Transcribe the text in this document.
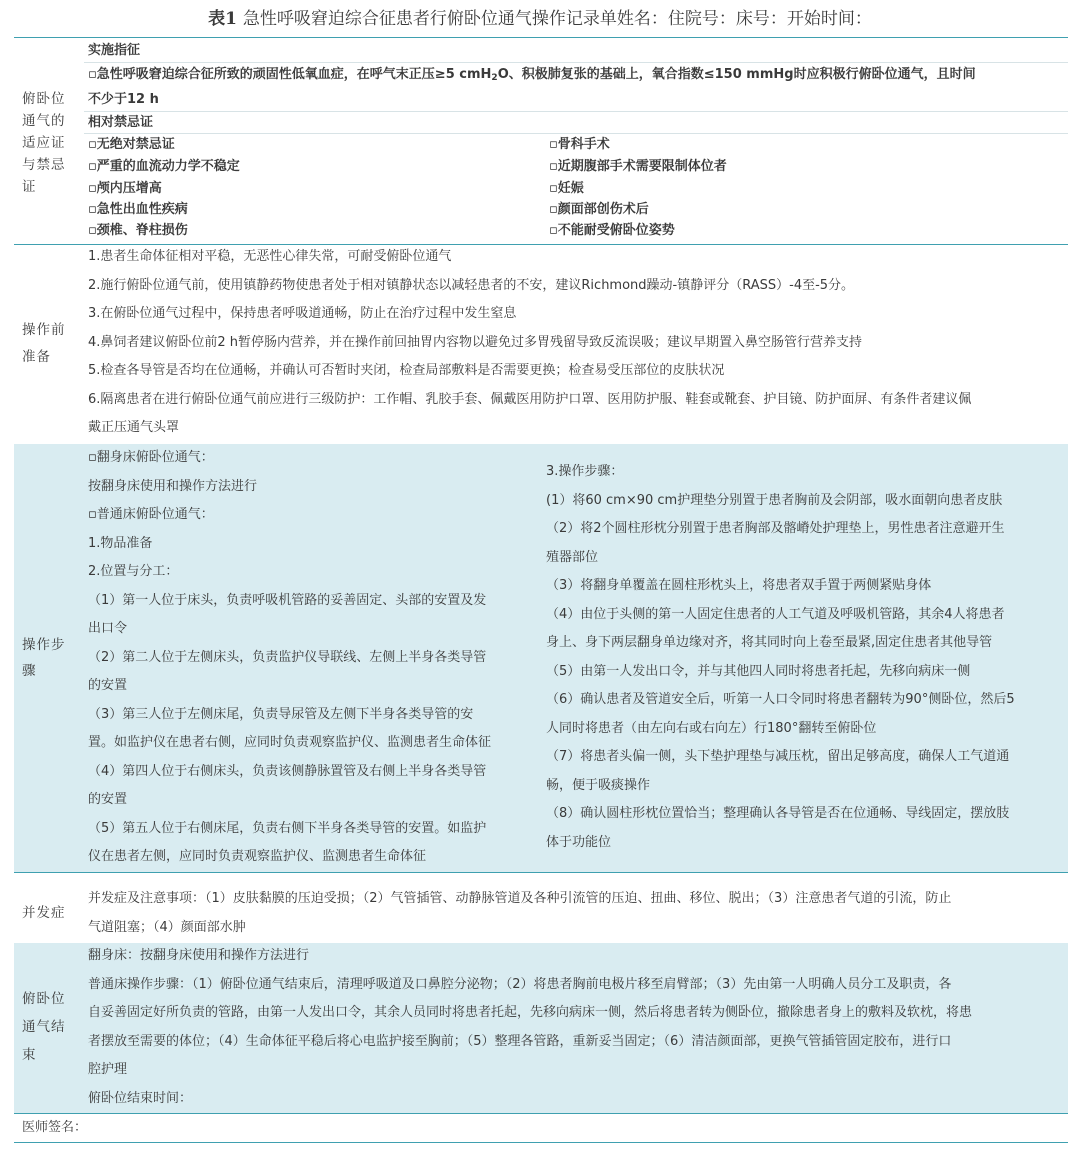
表1 急性呼吸窘迫综合征患者行俯卧位通气操作记录单姓名：住院号：床号：开始时间：
俯卧位
通气的
适应证
与禁忌
证
实施指征
▫急性呼吸窘迫综合征所致的顽固性低氧血症，在呼气末正压≥5 cmH$_2$O、积极肺复张的基础上，氧合指数≤150 mmHg时应积极行俯卧位通气，且时间
不少于12 h
相对禁忌证
▫无绝对禁忌证
▫严重的血流动力学不稳定
▫颅内压增高
▫急性出血性疾病
▫颈椎、脊柱损伤
▫骨科手术
▫近期腹部手术需要限制体位者
▫妊娠
▫颜面部创伤术后
▫不能耐受俯卧位姿势
操作前
准备
1.患者生命体征相对平稳，无恶性心律失常，可耐受俯卧位通气
2.施行俯卧位通气前，使用镇静药物使患者处于相对镇静状态以减轻患者的不安，建议Richmond躁动-镇静评分（RASS）-4至-5分。
3.在俯卧位通气过程中，保持患者呼吸道通畅，防止在治疗过程中发生窒息
4.鼻饲者建议俯卧位前2 h暂停肠内营养，并在操作前回抽胃内容物以避免过多胃残留导致反流误吸；建议早期置入鼻空肠管行营养支持
5.检查各导管是否均在位通畅，并确认可否暂时夹闭，检查局部敷料是否需要更换；检查易受压部位的皮肤状况
6.隔离患者在进行俯卧位通气前应进行三级防护：工作帽、乳胶手套、佩戴医用防护口罩、医用防护服、鞋套或靴套、护目镜、防护面屏、有条件者建议佩
戴正压通气头罩
操作步
骤
▫翻身床俯卧位通气：
按翻身床使用和操作方法进行
▫普通床俯卧位通气：
1.物品准备
2.位置与分工：
（1）第一人位于床头，负责呼吸机管路的妥善固定、头部的安置及发
出口令
（2）第二人位于左侧床头，负责监护仪导联线、左侧上半身各类导管
的安置
（3）第三人位于左侧床尾，负责导尿管及左侧下半身各类导管的安
置。如监护仪在患者右侧，应同时负责观察监护仪、监测患者生命体征
（4）第四人位于右侧床头，负责该侧静脉置管及右侧上半身各类导管
的安置
（5）第五人位于右侧床尾，负责右侧下半身各类导管的安置。如监护
仪在患者左侧，应同时负责观察监护仪、监测患者生命体征
3.操作步骤：
(1）将60 cm×90 cm护理垫分别置于患者胸前及会阴部，吸水面朝向患者皮肤
（2）将2个圆柱形枕分别置于患者胸部及髂嵴处护理垫上，男性患者注意避开生
殖器部位
（3）将翻身单覆盖在圆柱形枕头上，将患者双手置于两侧紧贴身体
（4）由位于头侧的第一人固定住患者的人工气道及呼吸机管路，其余4人将患者
身上、身下两层翻身单边缘对齐，将其同时向上卷至最紧,固定住患者其他导管
（5）由第一人发出口令，并与其他四人同时将患者托起，先移向病床一侧
（6）确认患者及管道安全后，听第一人口令同时将患者翻转为90°侧卧位，然后5
人同时将患者（由左向右或右向左）行180°翻转至俯卧位
（7）将患者头偏一侧，头下垫护理垫与减压枕，留出足够高度，确保人工气道通
畅，便于吸痰操作
（8）确认圆柱形枕位置恰当；整理确认各导管是否在位通畅、导线固定，摆放肢
体于功能位
并发症
并发症及注意事项：（1）皮肤黏膜的压迫受损；（2）气管插管、动静脉管道及各种引流管的压迫、扭曲、移位、脱出；（3）注意患者气道的引流，防止
气道阻塞；（4）颜面部水肿
俯卧位
通气结
束
翻身床：按翻身床使用和操作方法进行
普通床操作步骤：（1）俯卧位通气结束后，清理呼吸道及口鼻腔分泌物；（2）将患者胸前电极片移至肩臂部；（3）先由第一人明确人员分工及职责，各
自妥善固定好所负责的管路，由第一人发出口令，其余人员同时将患者托起，先移向病床一侧，然后将患者转为侧卧位，撤除患者身上的敷料及软枕，将患
者摆放至需要的体位；（4）生命体征平稳后将心电监护接至胸前；（5）整理各管路，重新妥当固定；（6）清洁颜面部，更换气管插管固定胶布，进行口
腔护理
俯卧位结束时间：
医师签名：
